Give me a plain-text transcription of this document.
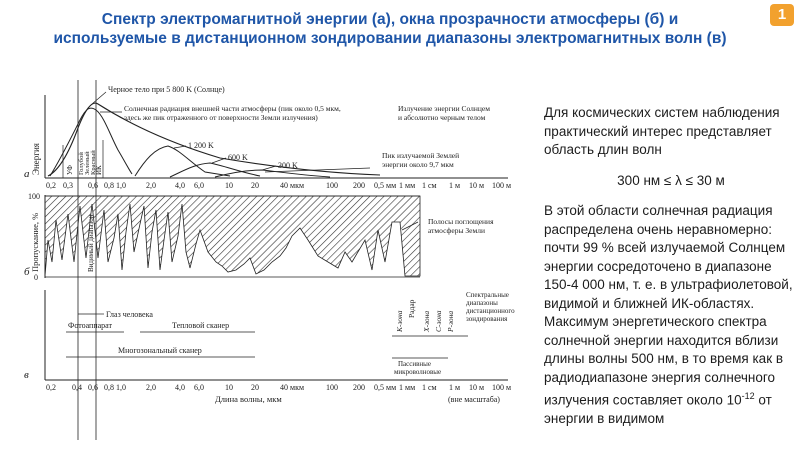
Спектр электромагнитной энергии (а), окна прозрачности атмосферы (б) и
используемые в дистанционном зондировании диапазоны электромагнитных волн (в)
1
Энергия
а
Черное тело при 5 800 K (Солнце)
Солнечная радиация внешней части атмосферы (пик около 0,5 мкм,
здесь же пик отраженного от поверхности Земли излучения)
Излучение энергии Солнцем
и абсолютно черным телом
1 200 K
600 K
300 K
Пик излучаемой Землей
энергии около 9,7 мкм
УФ Голубой Зеленый Красный
ИК
0,2 0,3 0,6 0,8 1,0	2,0 4,0 6,0	10 20	40 мкм	100 200 0,5 мм 1 мм 1 см 1 м 10 м 100 м
100
0
Пропускание, %
б	Видимый диапазон	Полосы поглощения
атмосферы Земли
в
Глаз человека
Фотоаппарат	Тепловой сканер
Многозональный сканер
К-зона
Радар
Х-зона С-зона Р-зона
Пассивные
микроволновые
Спектральные
диапазоны
дистанционного
зондирования
0,2 0,4 0,6 0,8 1,0	2,0 4,0 6,0	10 20	40 мкм	100 200 0,5 мм 1 мм 1 см 1 м 10 м 100 м
Длина волны, мкм	(вне масштаба)

Для космических систем наблюдения практический интерес представляет область длин волн

300 нм ≤ λ ≤ 30 м

В этой области солнечная радиация распределена очень неравномерно: почти 99 % всей излучаемой Солнцем энергии сосредоточено в диапазоне 150-4 000 нм, т. е. в ультрафиолетовой, видимой и ближней ИК-областях. Максимум энергетического спектра солнечной энергии находится вблизи длины волны 500 нм, в то время как в радиодиапазоне энергия солнечного излучения составляет около $10^{-12}$ от энергии в видимом
